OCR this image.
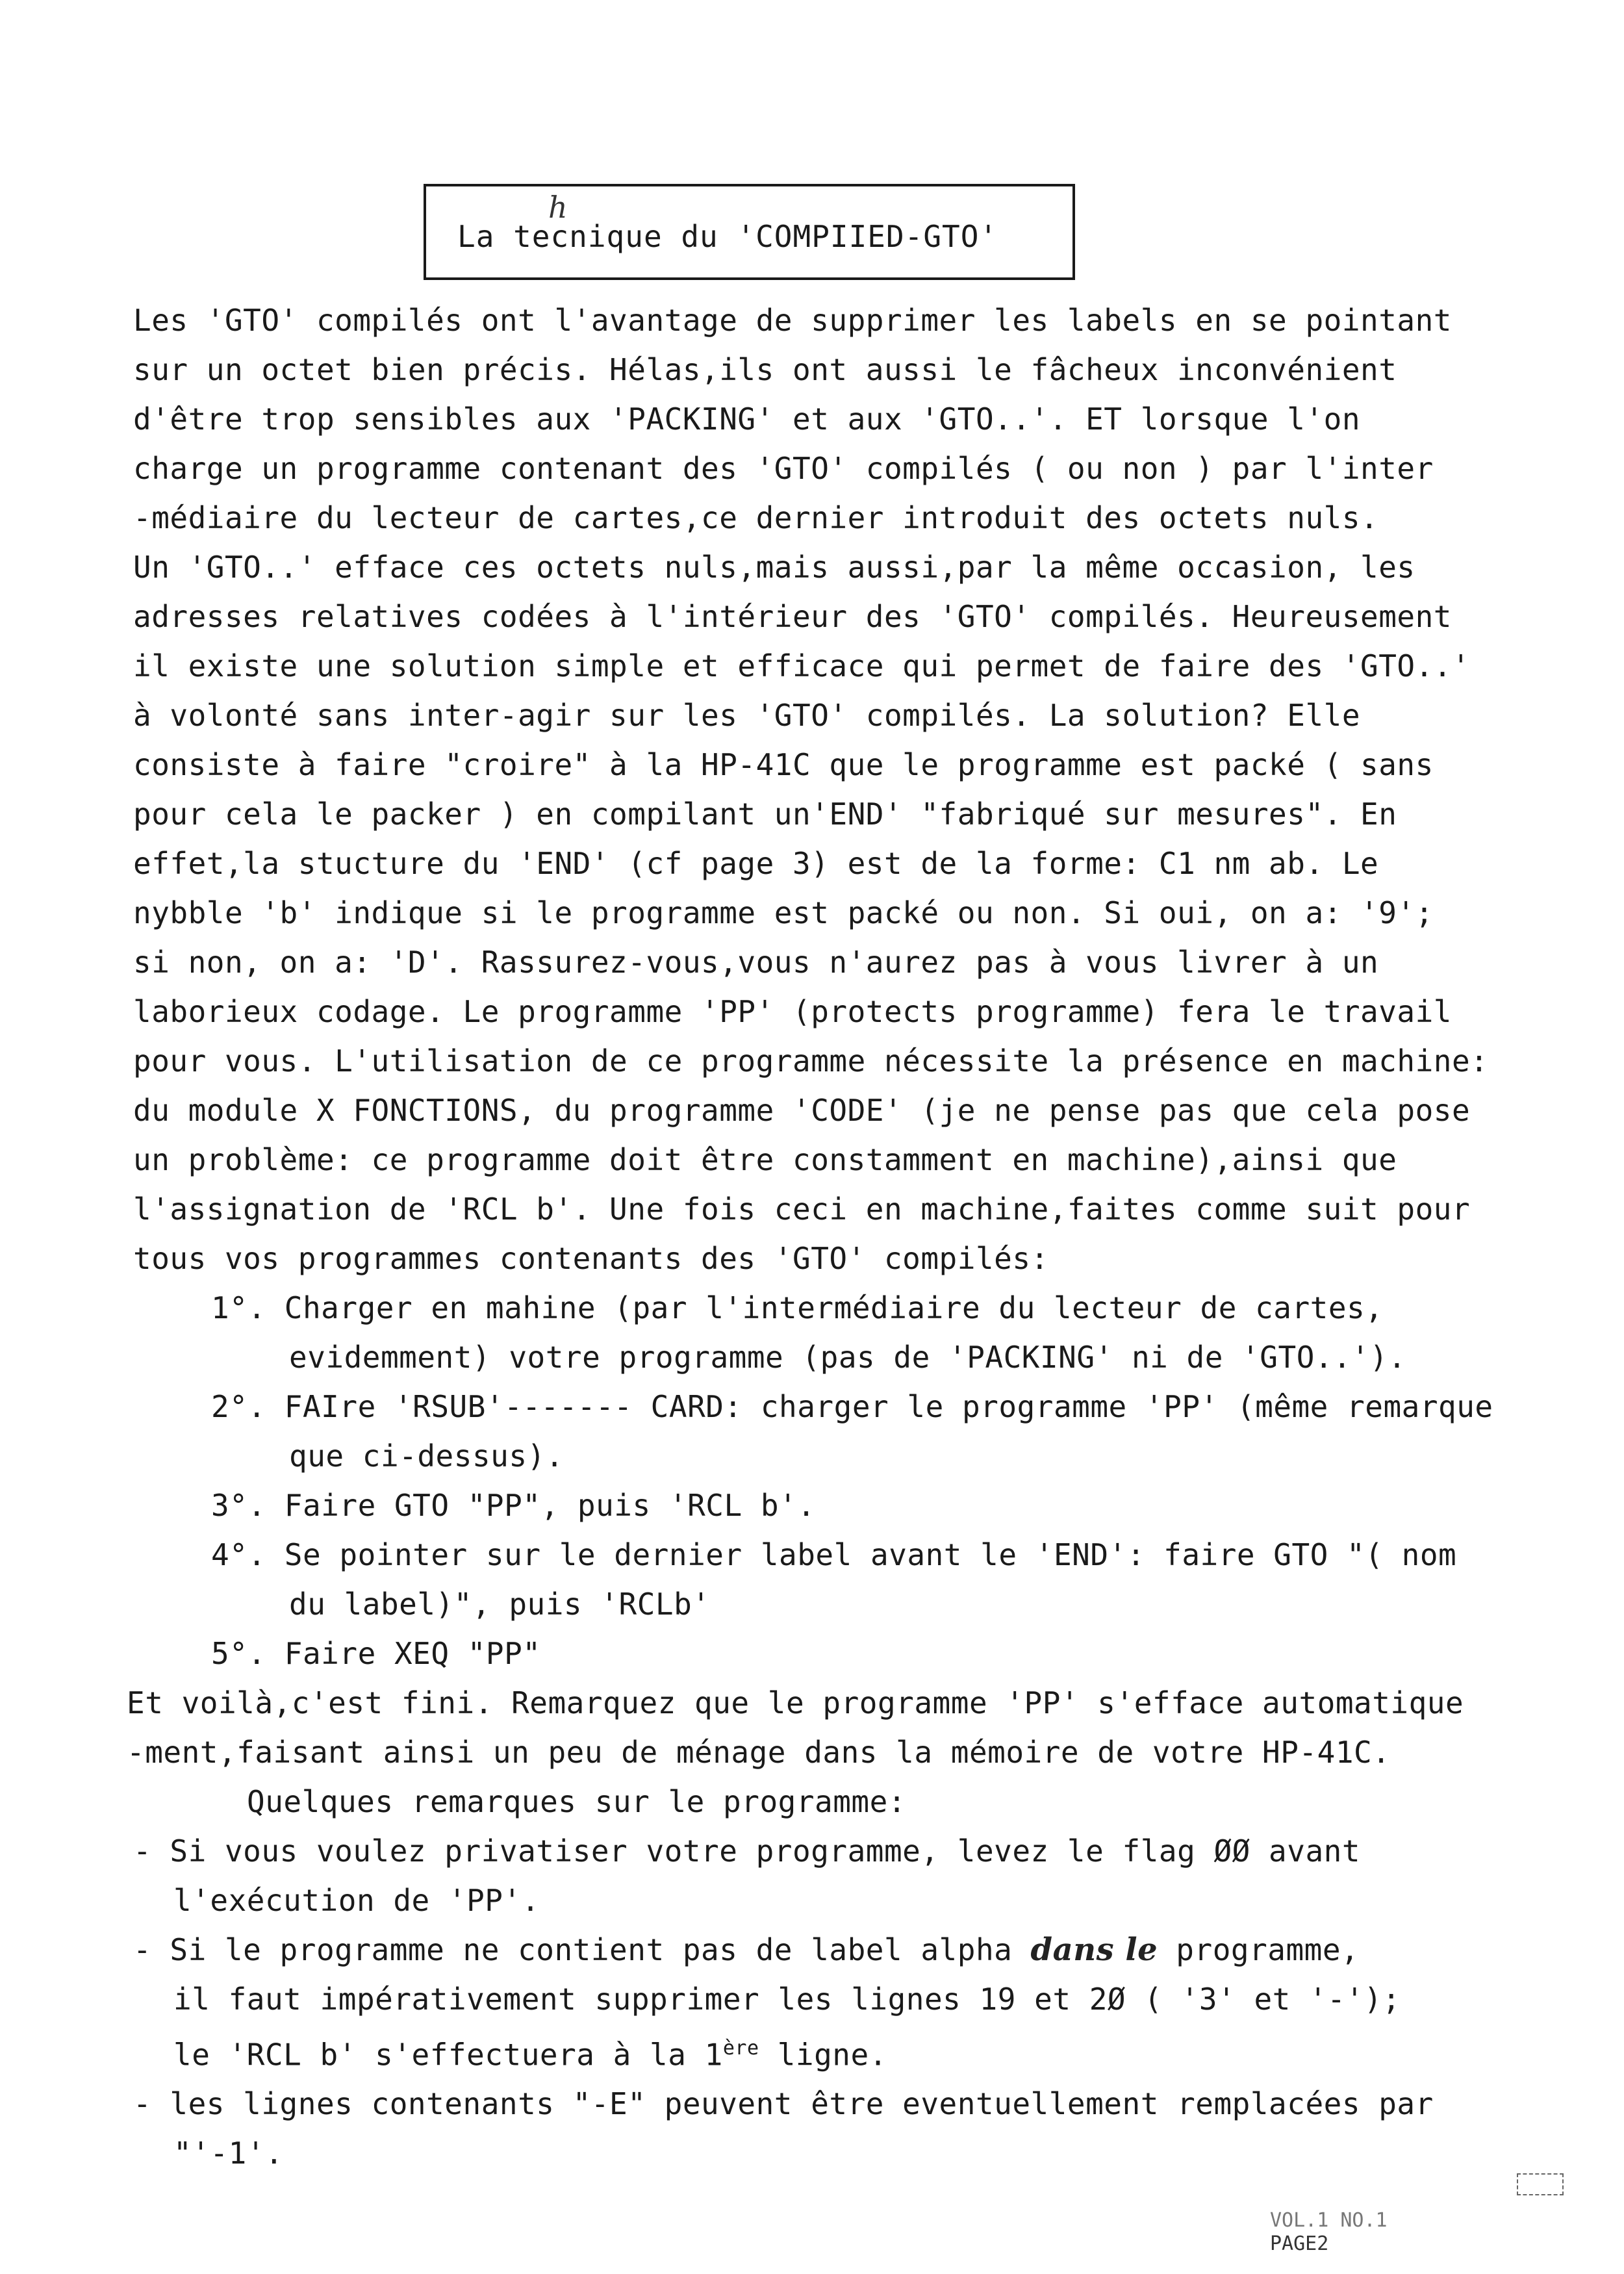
h
La tecnique du 'COMPIIED-GTO'

Les 'GTO' compilés ont l'avantage de supprimer les labels en se pointant

sur un octet bien précis. Hélas,ils ont aussi le fâcheux inconvénient

d'être trop sensibles aux 'PACKING' et aux 'GTO..'. ET lorsque l'on

charge un programme contenant des 'GTO' compilés ( ou non ) par l'inter

-médiaire du lecteur de cartes,ce dernier introduit des octets nuls.

Un 'GTO..' efface ces octets nuls,mais aussi,par la même occasion, les

adresses relatives codées à l'intérieur des 'GTO' compilés. Heureusement

il existe une solution simple et efficace qui permet de faire des 'GTO..'

à volonté sans inter-agir sur les 'GTO' compilés. La solution? Elle

consiste à faire "croire" à la HP-41C que le programme est packé ( sans

pour cela le packer ) en compilant un'END' "fabriqué sur mesures". En

effet,la stucture du 'END' (cf page 3) est de la forme: C1 nm ab. Le

nybble 'b' indique si le programme est packé ou non. Si oui, on a: '9';

si non, on a: 'D'. Rassurez-vous,vous n'aurez pas à vous livrer à un

laborieux codage. Le programme 'PP' (protects programme) fera le travail

pour vous. L'utilisation de ce programme nécessite la présence en machine:

du module X FONCTIONS, du programme 'CODE' (je ne pense pas que cela pose

un problème: ce programme doit être constamment en machine),ainsi que

l'assignation de 'RCL b'. Une fois ceci en machine,faites comme suit pour

tous vos programmes contenants des 'GTO' compilés:

1°. Charger en mahine (par l'intermédiaire du lecteur de cartes,

evidemment) votre programme (pas de 'PACKING' ni de 'GTO..').

2°. FAIre 'RSUB'------- CARD: charger le programme 'PP' (même remarque

que ci-dessus).

3°. Faire GTO "PP", puis 'RCL b'.

4°. Se pointer sur le dernier label avant le 'END': faire GTO "( nom

du label)", puis 'RCLb'

5°. Faire XEQ "PP"

Et voilà,c'est fini. Remarquez que le programme 'PP' s'efface automatique

-ment,faisant ainsi un peu de ménage dans la mémoire de votre HP-41C.

Quelques remarques sur le programme:

- Si vous voulez privatiser votre programme, levez le flag ØØ avant

l'exécution de 'PP'.

- Si le programme ne contient pas de label alpha dans le programme,

il faut impérativement supprimer les lignes 19 et 2Ø ( '3' et '-');

le 'RCL b' s'effectuera à la 1ère ligne.

- les lignes contenants "-E" peuvent être eventuellement remplacées par

"'-1'.

VOL.1 NO.1
PAGE2
